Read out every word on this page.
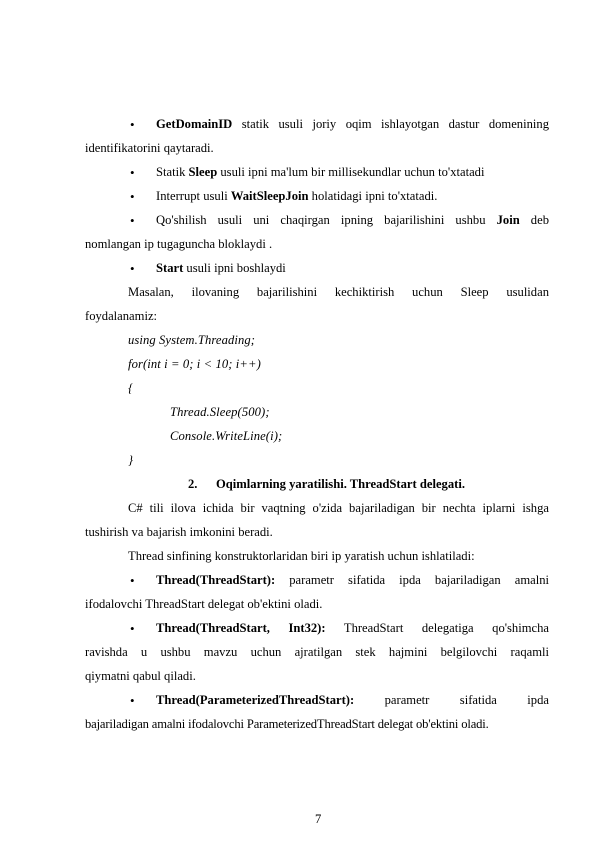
• GetDomainID statik usuli joriy oqim ishlayotgan dastur domenining
identifikatorini qaytaradi.
• Statik Sleep usuli ipni ma'lum bir millisekundlar uchun to'xtatadi
• Interrupt usuli WaitSleepJoin holatidagi ipni to'xtatadi.
• Qo'shilish usuli uni chaqirgan ipning bajarilishini ushbu Join deb
nomlangan ip tugaguncha bloklaydi .
• Start usuli ipni boshlaydi
Masalan, ilovaning bajarilishini kechiktirish uchun Sleep usulidan
foydalanamiz:
using System.Threading;
for(int i = 0; i < 10; i++)
{
Thread.Sleep(500);
Console.WriteLine(i);
}
2. Oqimlarning yaratilishi. ThreadStart delegati.
C# tili ilova ichida bir vaqtning o'zida bajariladigan bir nechta iplarni ishga
tushirish va bajarish imkonini beradi.
Thread sinfining konstruktorlaridan biri ip yaratish uchun ishlatiladi:
• Thread(ThreadStart): parametr sifatida ipda bajariladigan amalni
ifodalovchi ThreadStart delegat ob'ektini oladi.
• Thread(ThreadStart, Int32): ThreadStart delegatiga qo'shimcha
ravishda u ushbu mavzu uchun ajratilgan stek hajmini belgilovchi raqamli
qiymatni qabul qiladi.
• Thread(ParameterizedThreadStart): parametr sifatida ipda
bajariladigan amalni ifodalovchi ParameterizedThreadStart delegat ob'ektini oladi.
7
